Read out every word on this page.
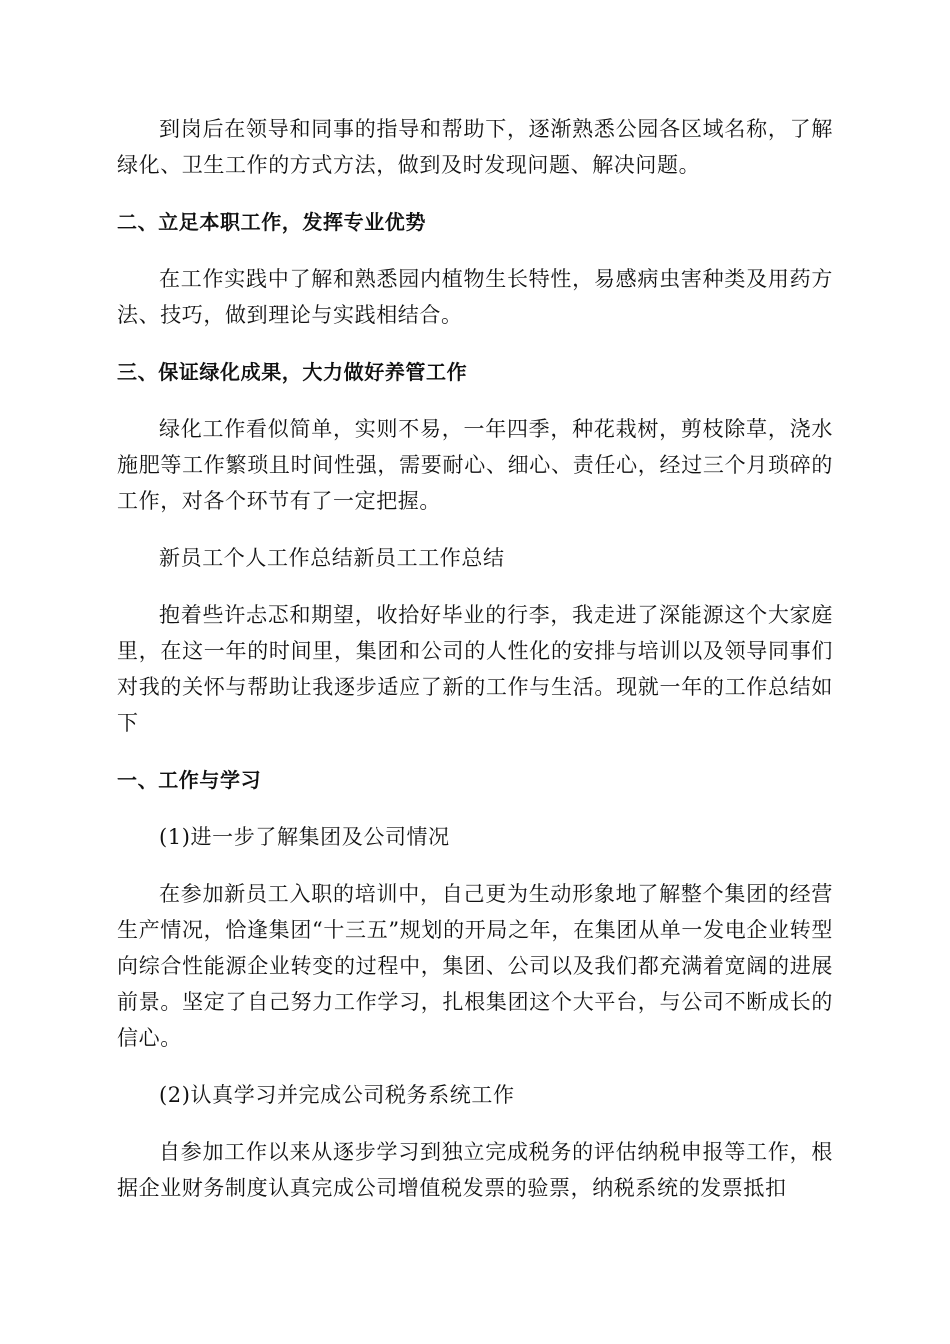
到岗后在领导和同事的指导和帮助下，逐渐熟悉公园各区域名称，了解绿化、卫生工作的方式方法，做到及时发现问题、解决问题。

二、立足本职工作，发挥专业优势

在工作实践中了解和熟悉园内植物生长特性，易感病虫害种类及用药方法、技巧，做到理论与实践相结合。

三、保证绿化成果，大力做好养管工作

绿化工作看似简单，实则不易，一年四季，种花栽树，剪枝除草，浇水施肥等工作繁琐且时间性强，需要耐心、细心、责任心，经过三个月琐碎的工作，对各个环节有了一定把握。

新员工个人工作总结新员工工作总结

抱着些许忐忑和期望，收拾好毕业的行李，我走进了深能源这个大家庭里，在这一年的时间里，集团和公司的人性化的安排与培训以及领导同事们对我的关怀与帮助让我逐步适应了新的工作与生活。现就一年的工作总结如下

一、工作与学习

(1)进一步了解集团及公司情况

在参加新员工入职的培训中，自己更为生动形象地了解整个集团的经营生产情况，恰逢集团“十三五”规划的开局之年，在集团从单一发电企业转型向综合性能源企业转变的过程中，集团、公司以及我们都充满着宽阔的进展前景。坚定了自己努力工作学习，扎根集团这个大平台，与公司不断成长的信心。

(2)认真学习并完成公司税务系统工作

自参加工作以来从逐步学习到独立完成税务的评估纳税申报等工作，根据企业财务制度认真完成公司增值税发票的验票，纳税系统的发票抵扣
